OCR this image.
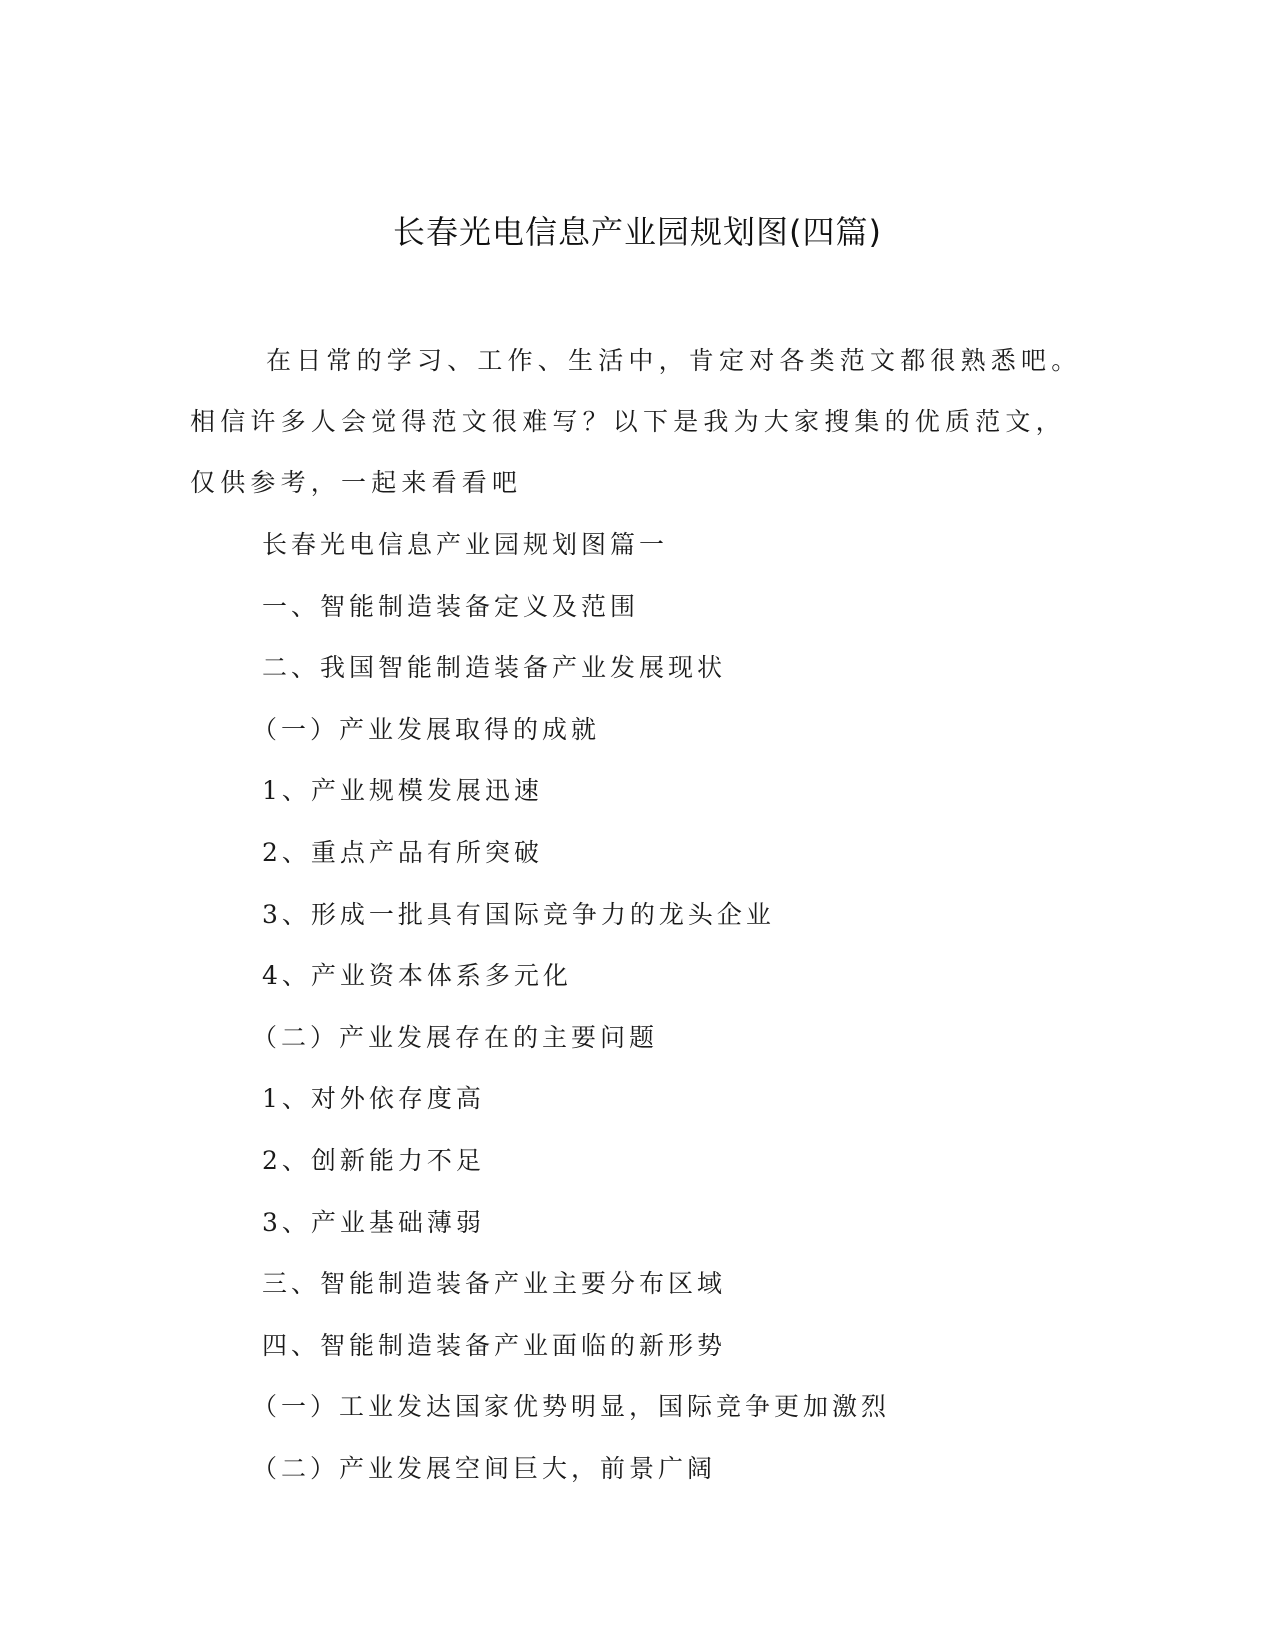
长春光电信息产业园规划图(四篇)

在日常的学习、工作、生活中，肯定对各类范文都很熟悉吧。相信许多人会觉得范文很难写？以下是我为大家搜集的优质范文，仅供参考，一起来看看吧

长春光电信息产业园规划图篇一
一、智能制造装备定义及范围
二、我国智能制造装备产业发展现状
（一）产业发展取得的成就
1、产业规模发展迅速
2、重点产品有所突破
3、形成一批具有国际竞争力的龙头企业
4、产业资本体系多元化
（二）产业发展存在的主要问题
1、对外依存度高
2、创新能力不足
3、产业基础薄弱
三、智能制造装备产业主要分布区域
四、智能制造装备产业面临的新形势
（一）工业发达国家优势明显，国际竞争更加激烈
（二）产业发展空间巨大，前景广阔
